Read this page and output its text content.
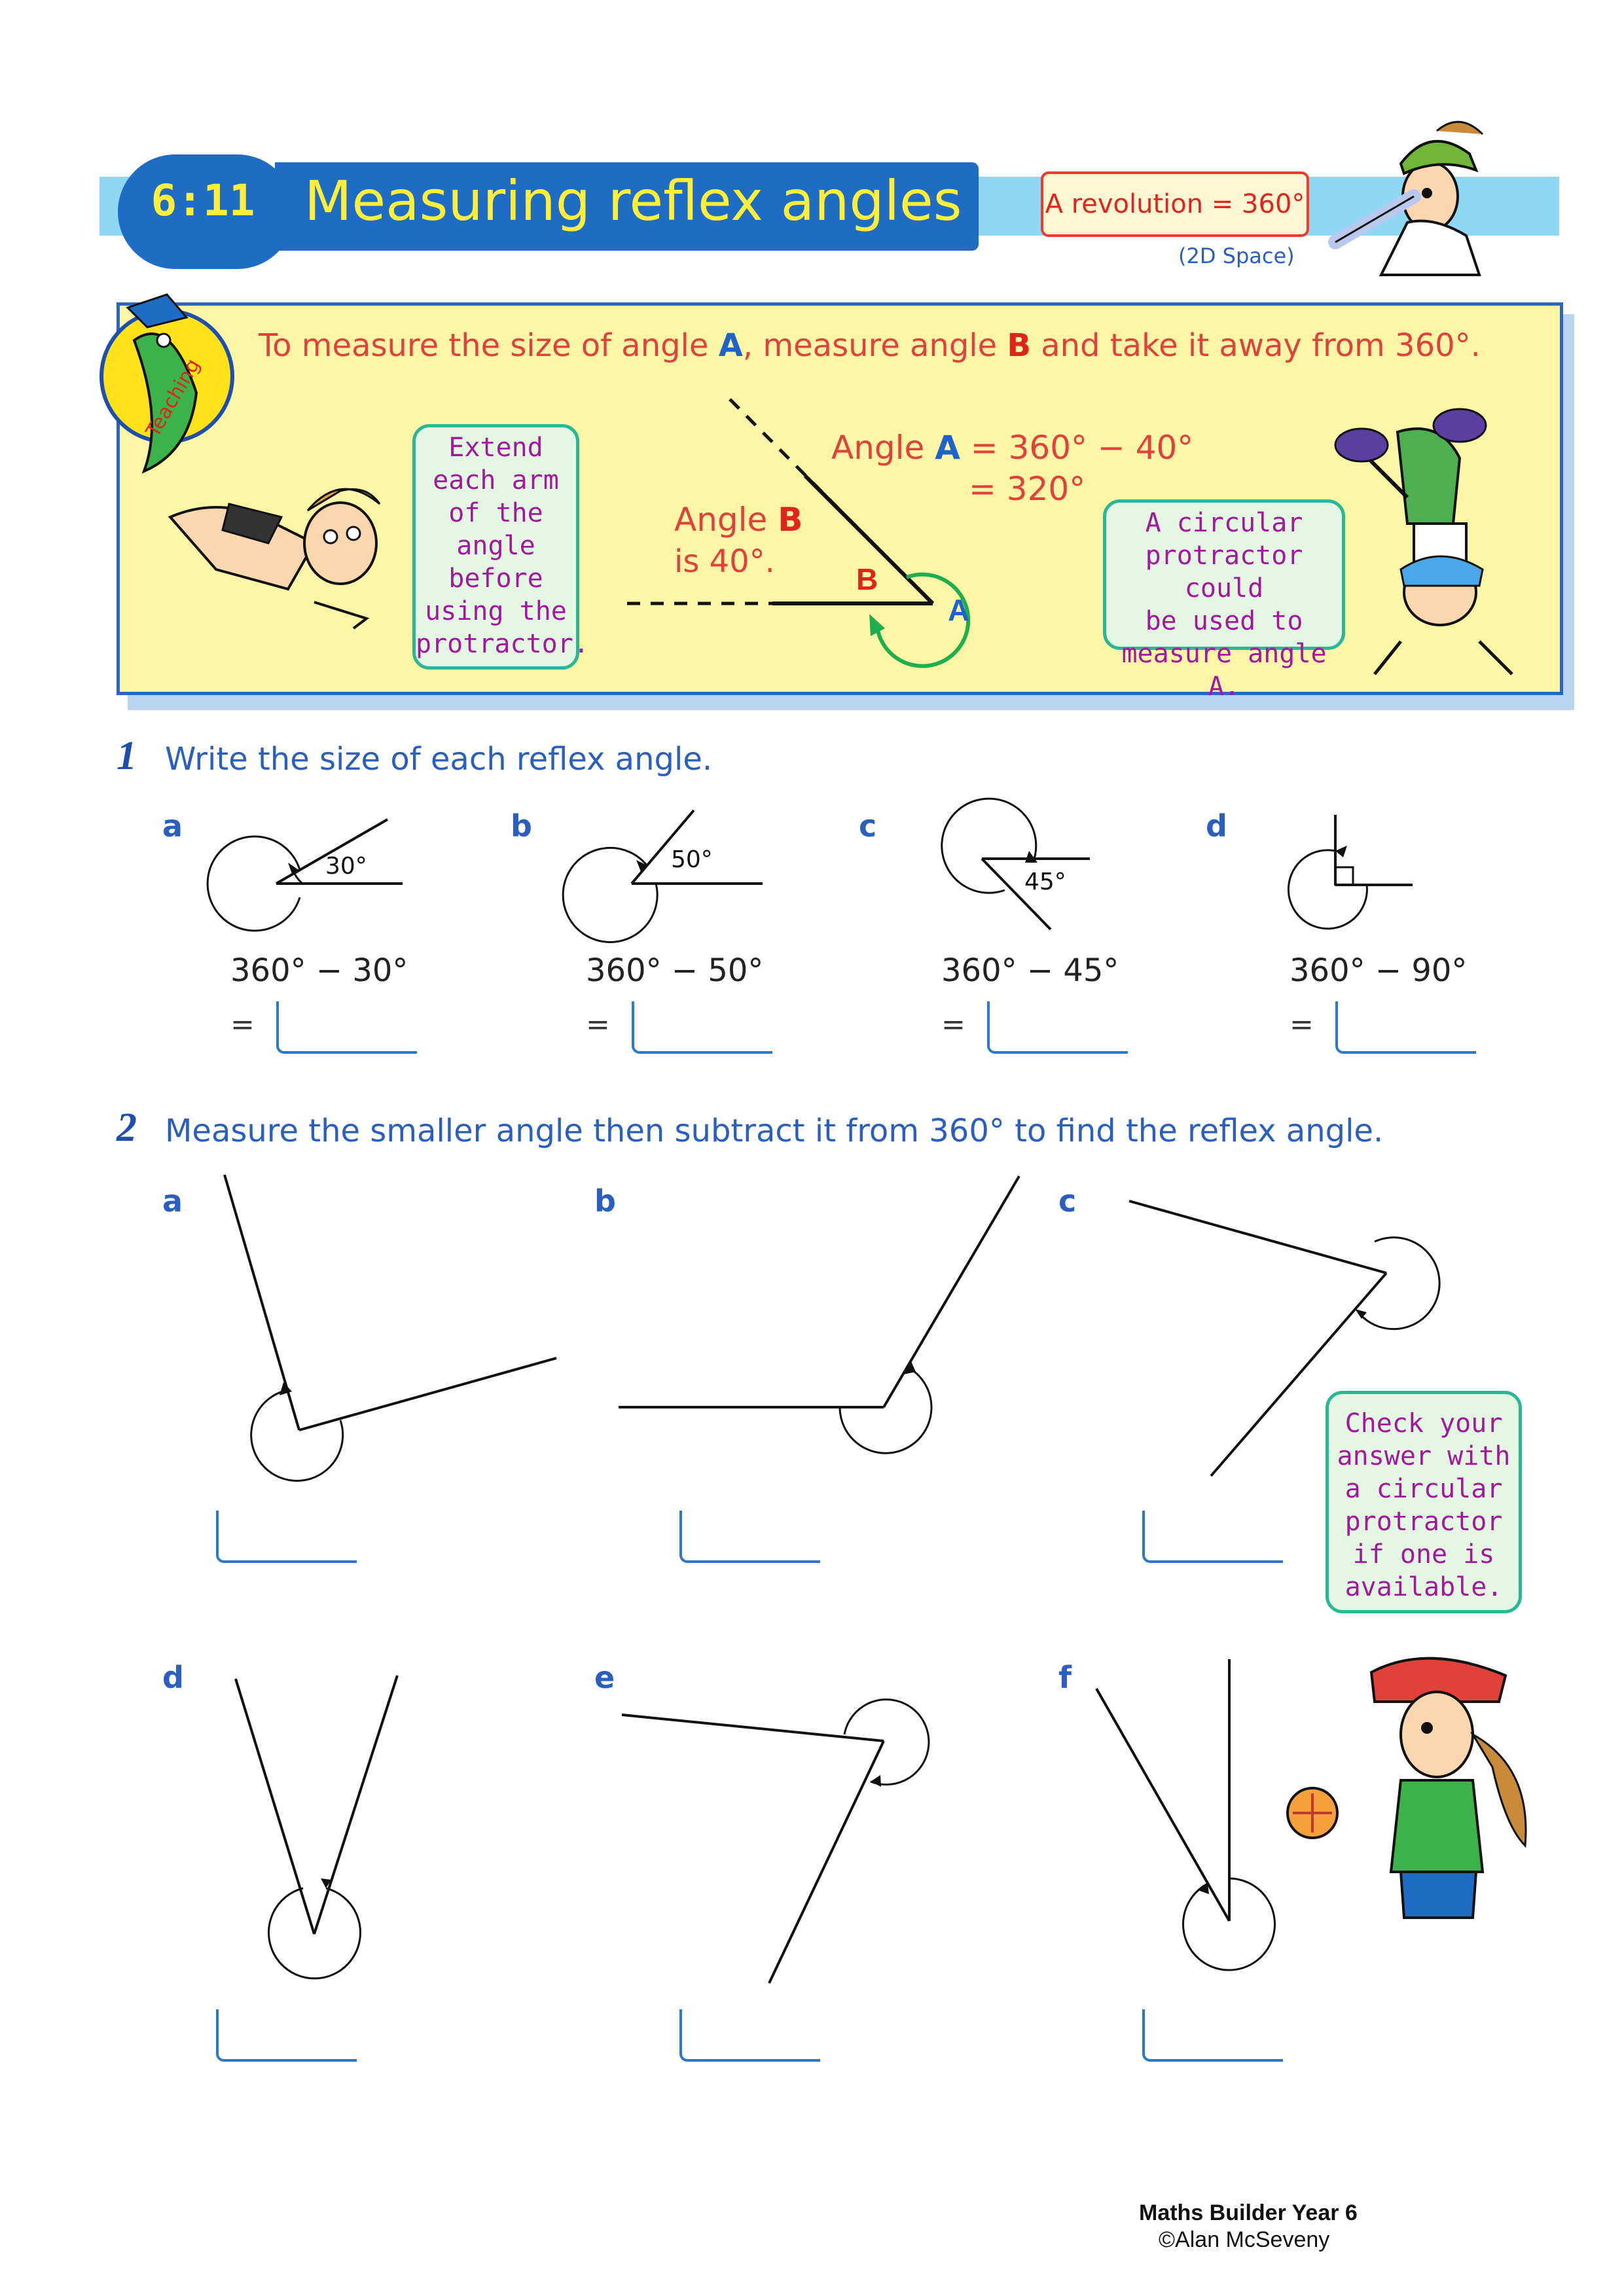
6:11 Measuring reflex angles	A revolution = 360°
(2D Space)
Teaching
To measure the size of angle A, measure angle B and take it away from 360°.
Extend
each arm
of the
angle
before
using the
protractor.
Angle A = 360° − 40°
= 320°
Angle B
is 40°.	B
A
A circular
protractor could
be used to
measure angle A.
1 Write the size of each reflex angle.
a	b	c	d
30°	50°
45°
360° − 30°	360° − 50°	360° − 45°	360° − 90°
=	=	=	=
2 Measure the smaller angle then subtract it from 360° to find the reflex angle.
a	b	c
d	e	f
Check your
answer with
a circular
protractor
if one is
available.
Maths Builder Year 6
©Alan McSeveny
